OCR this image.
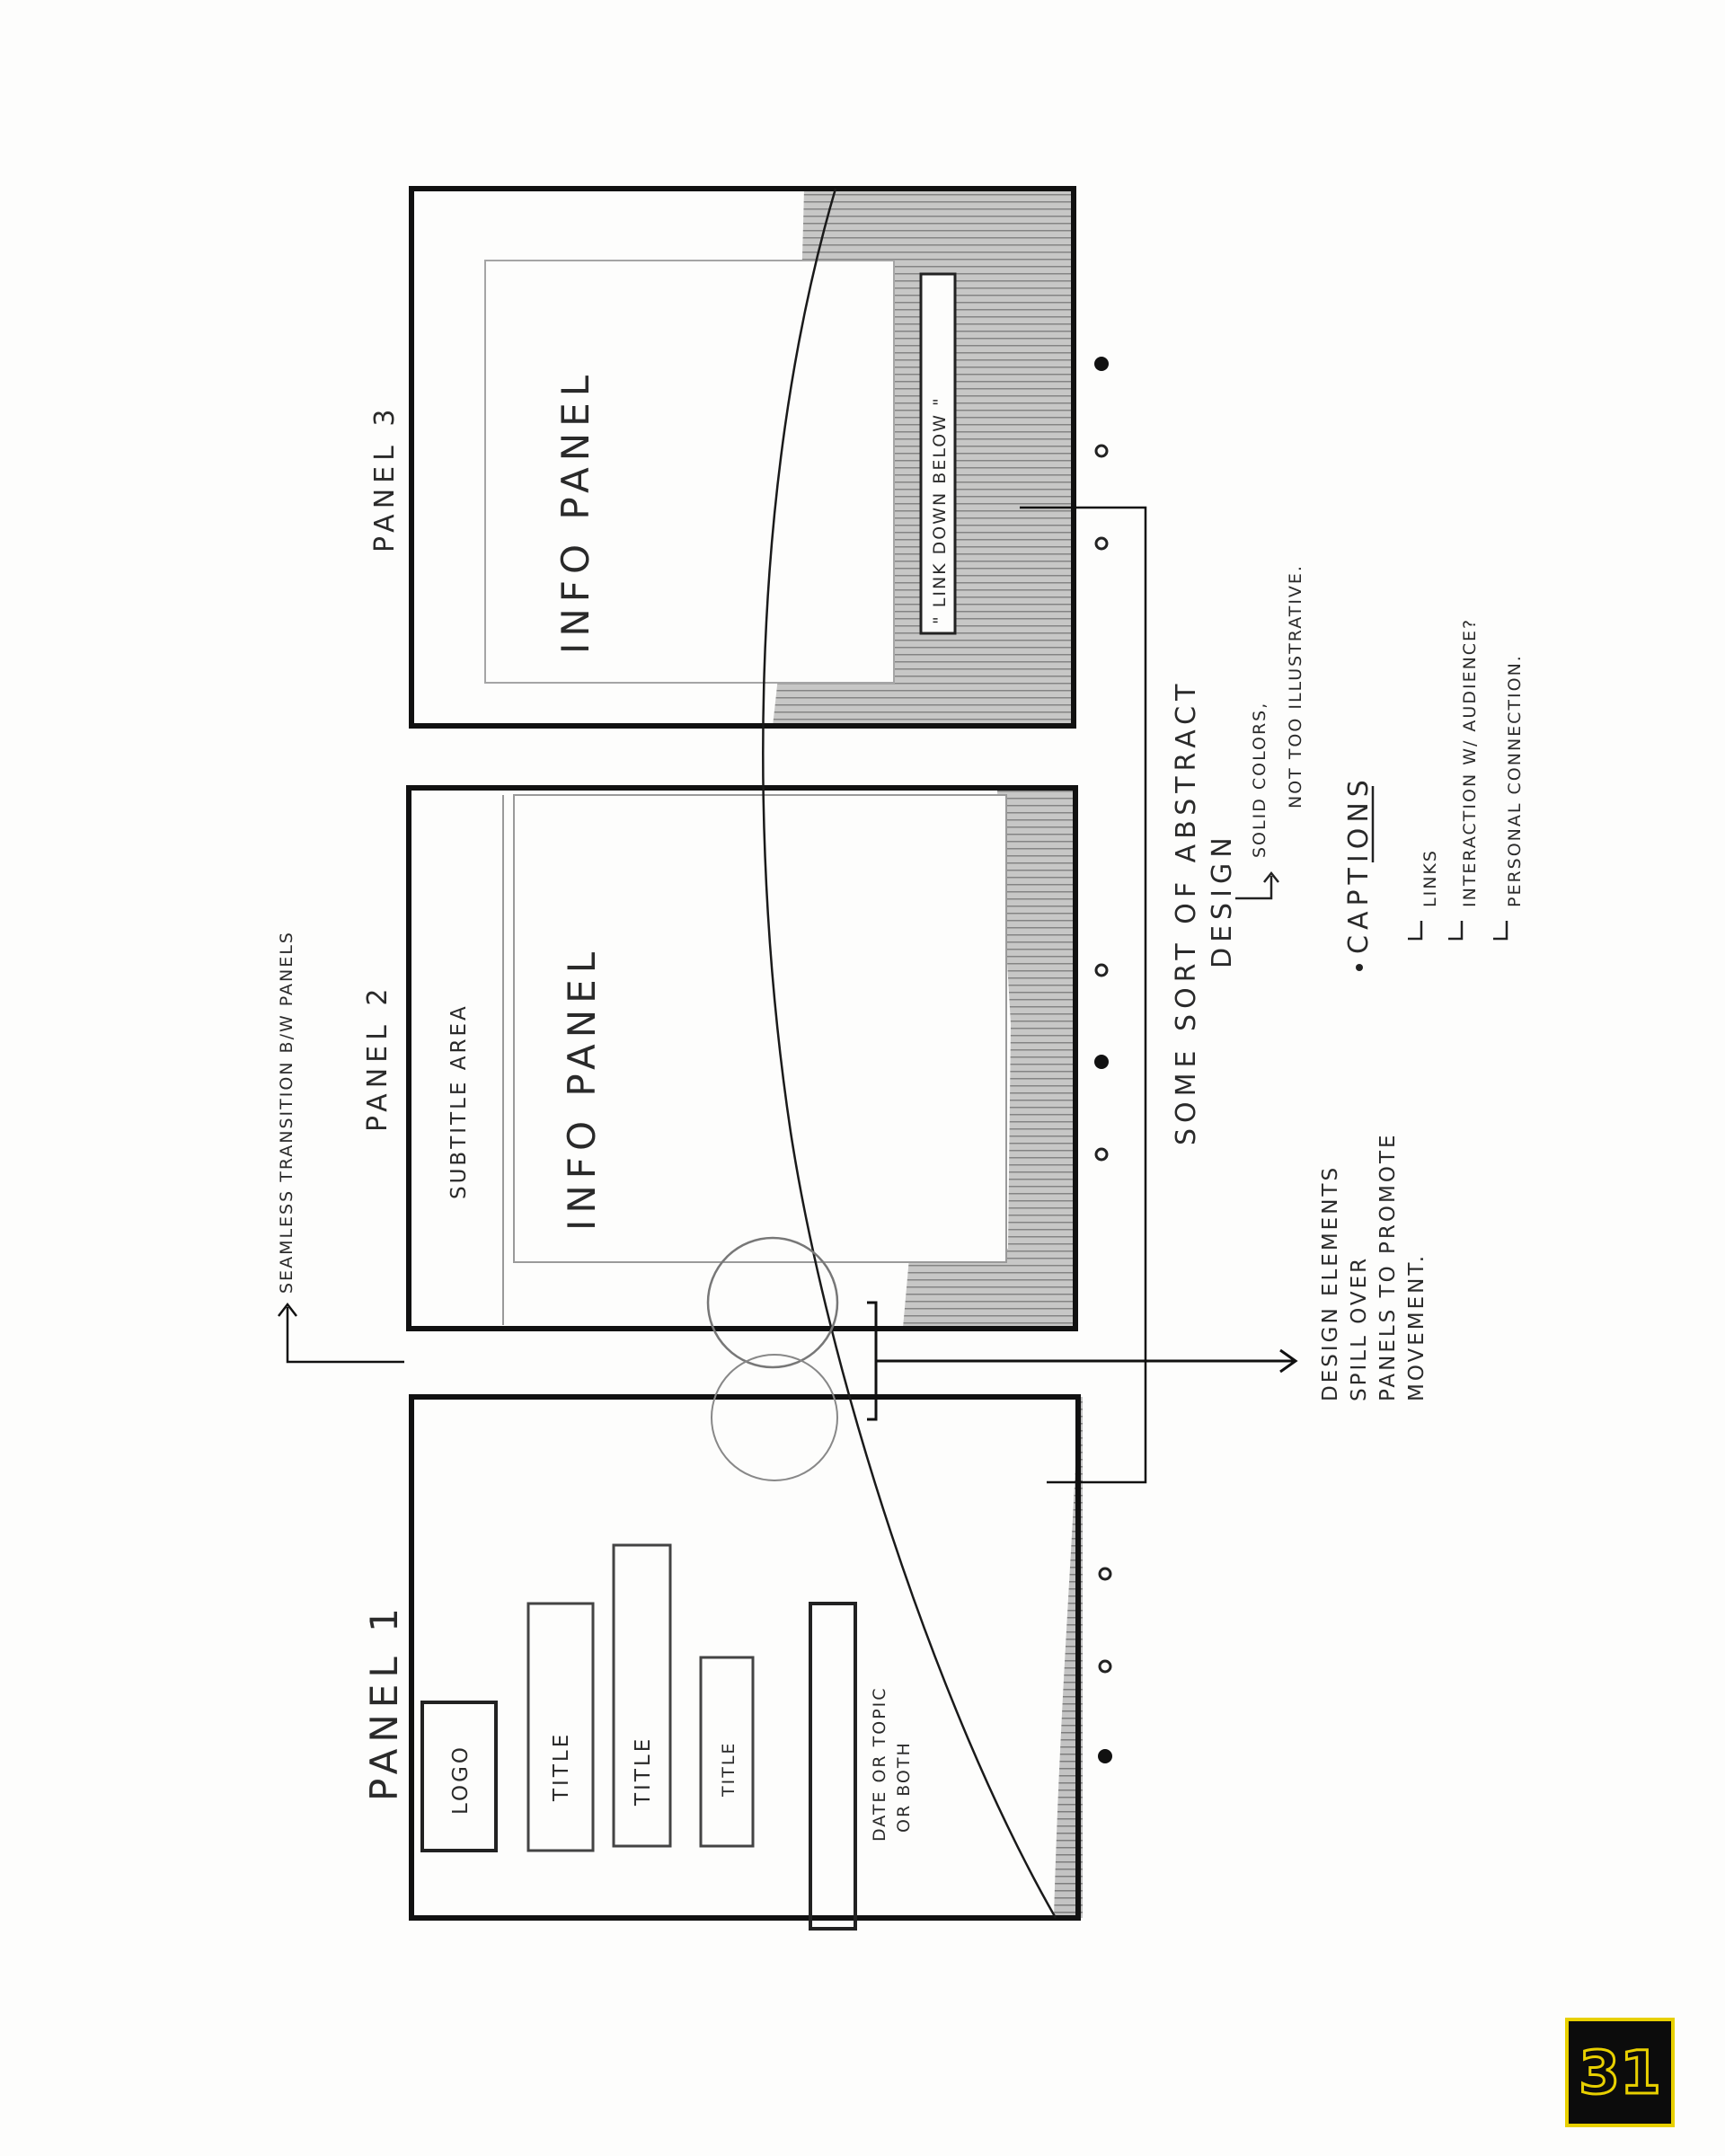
PANEL 1
PANEL 2
PANEL 3
LOGO	TITLE	TITLE	TITLE	DATE OR TOPIC OR BOTH
SUBTITLE AREA INFO PANEL
INFO PANEL	" LINK DOWN BELOW "
SEAMLESS TRANSITION B/W PANELS	DESIGN ELEMENTS SPILL OVER PANELS TO PROMOTE MOVEMENT.
SOME SORT OF ABSTRACT DESIGN
SOLID COLORS, NOT TOO ILLUSTRATIVE.
CAPTIONS	LINKS INTERACTION W/ AUDIENCE? PERSONAL CONNECTION.
31
